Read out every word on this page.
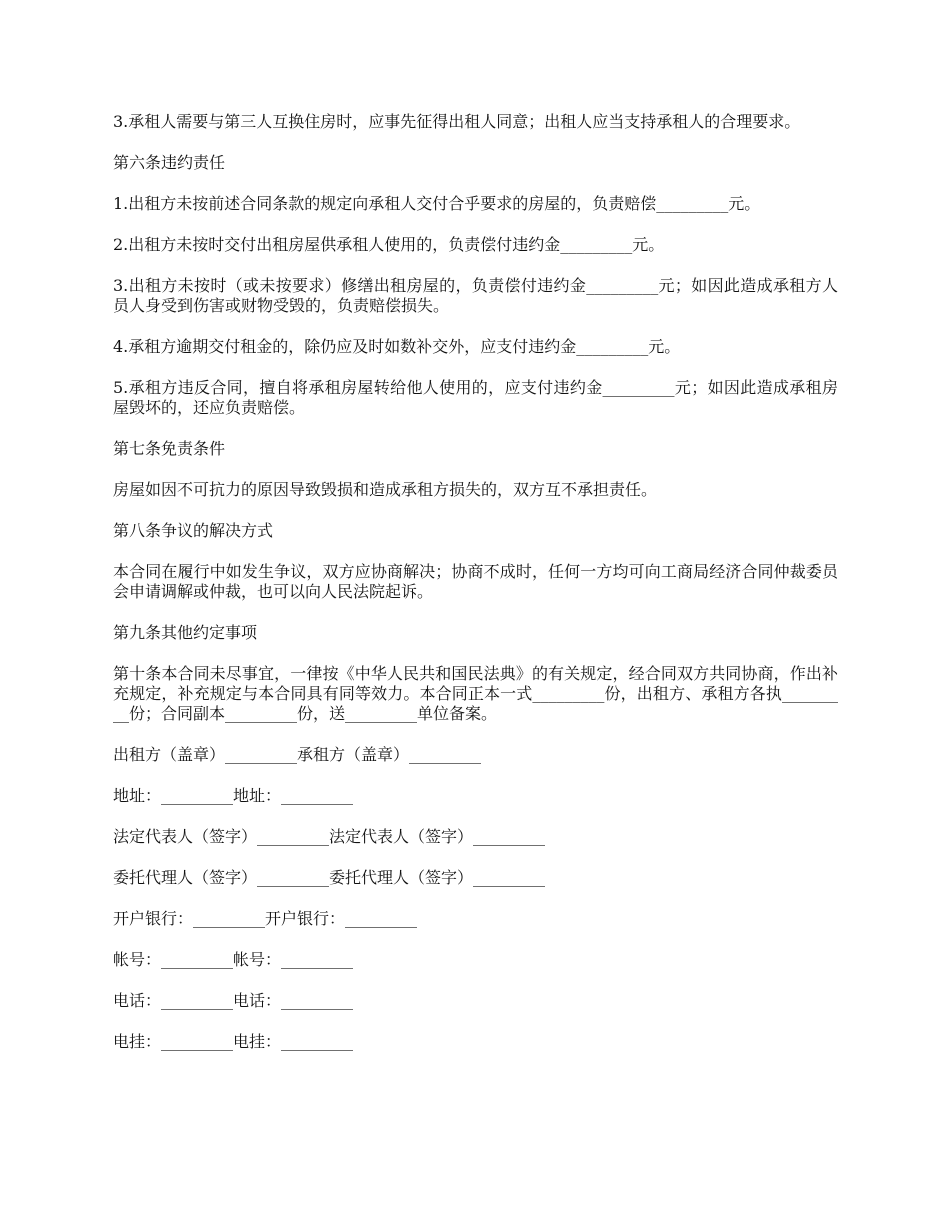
3.承租人需要与第三人互换住房时，应事先征得出租人同意；出租人应当支持承租人的合理要求。

第六条违约责任

1.出租方未按前述合同条款的规定向承租人交付合乎要求的房屋的，负责赔偿_________元。

2.出租方未按时交付出租房屋供承租人使用的，负责偿付违约金_________元。

3.出租方未按时（或未按要求）修缮出租房屋的，负责偿付违约金_________元；如因此造成承租方人员人身受到伤害或财物受毁的，负责赔偿损失。

4.承租方逾期交付租金的，除仍应及时如数补交外，应支付违约金_________元。

5.承租方违反合同，擅自将承租房屋转给他人使用的，应支付违约金_________元；如因此造成承租房屋毁坏的，还应负责赔偿。

第七条免责条件

房屋如因不可抗力的原因导致毁损和造成承租方损失的，双方互不承担责任。

第八条争议的解决方式

本合同在履行中如发生争议，双方应协商解决；协商不成时，任何一方均可向工商局经济合同仲裁委员会申请调解或仲裁，也可以向人民法院起诉。

第九条其他约定事项

第十条本合同未尽事宜，一律按《中华人民共和国民法典》的有关规定，经合同双方共同协商，作出补充规定，补充规定与本合同具有同等效力。本合同正本一式_________份，出租方、承租方各执_________份；合同副本_________份，送_________单位备案。

出租方（盖章）_________承租方（盖章）_________

地址：_________地址：_________

法定代表人（签字）_________法定代表人（签字）_________

委托代理人（签字）_________委托代理人（签字）_________

开户银行：_________开户银行：_________

帐号：_________帐号：_________

电话：_________电话：_________

电挂：_________电挂：_________
